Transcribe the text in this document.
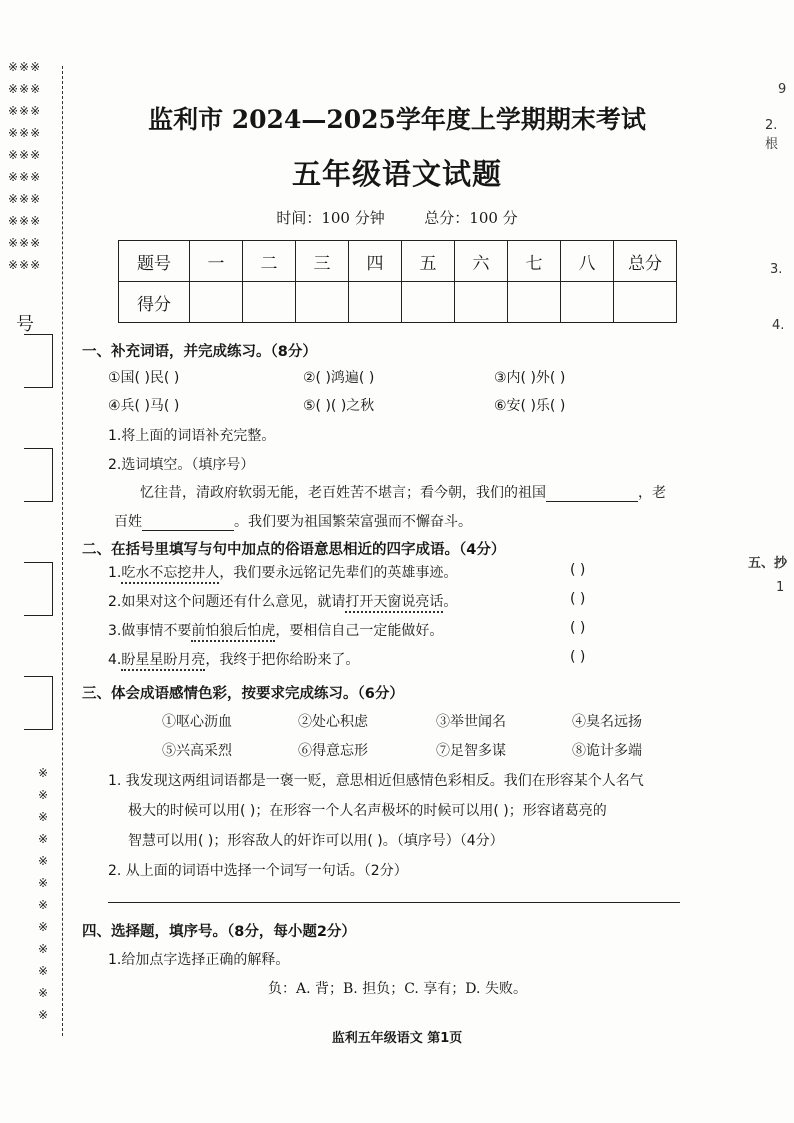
※※※
※※※
※※※
※※※
※※※
※※※
※※※
※※※
※※※
※※※
号
※
※
※
※
※
※
※
※
※
※
※
※
监利市 2024—2025学年度上学期期末考试
五年级语文试题
时间：100 分钟	总分：100 分
题号	一	二	三	四	五	六	七	八	总分
得分									
一、补充词语，并完成练习。（8分）
①国( )民( )	②( )鸿遍( )	③内( )外( )
④兵( )马( )	⑤( )( )之秋	⑥安( )乐( )
1.将上面的词语补充完整。
2.选词填空。（填序号）
忆往昔，清政府软弱无能，老百姓苦不堪言；看今朝，我们的祖国	，老
百姓	。我们要为祖国繁荣富强而不懈奋斗。
二、在括号里填写与句中加点的俗语意思相近的四字成语。（4分）
1.吃水不忘挖井人，我们要永远铭记先辈们的英雄事迹。	( )
2.如果对这个问题还有什么意见，就请打开天窗说亮话。	( )
3.做事情不要前怕狼后怕虎，要相信自己一定能做好。	( )
4.盼星星盼月亮，我终于把你给盼来了。	( )
三、体会成语感情色彩，按要求完成练习。（6分）
①呕心沥血	②处心积虑	③举世闻名	④臭名远扬
⑤兴高采烈	⑥得意忘形	⑦足智多谋	⑧诡计多端
1. 我发现这两组词语都是一褒一贬，意思相近但感情色彩相反。我们在形容某个人名气
极大的时候可以用( )；在形容一个人名声极坏的时候可以用( )；形容诸葛亮的
智慧可以用( )；形容敌人的奸诈可以用( )。（填序号）（4分）
2. 从上面的词语中选择一个词写一句话。（2分）
四、选择题，填序号。（8分，每小题2分）
1.给加点字选择正确的解释。
负：A. 背；B. 担负；C. 享有；D. 失败。
9
2. 根
3.
4.
五、抄
1
监利五年级语文 第1页
